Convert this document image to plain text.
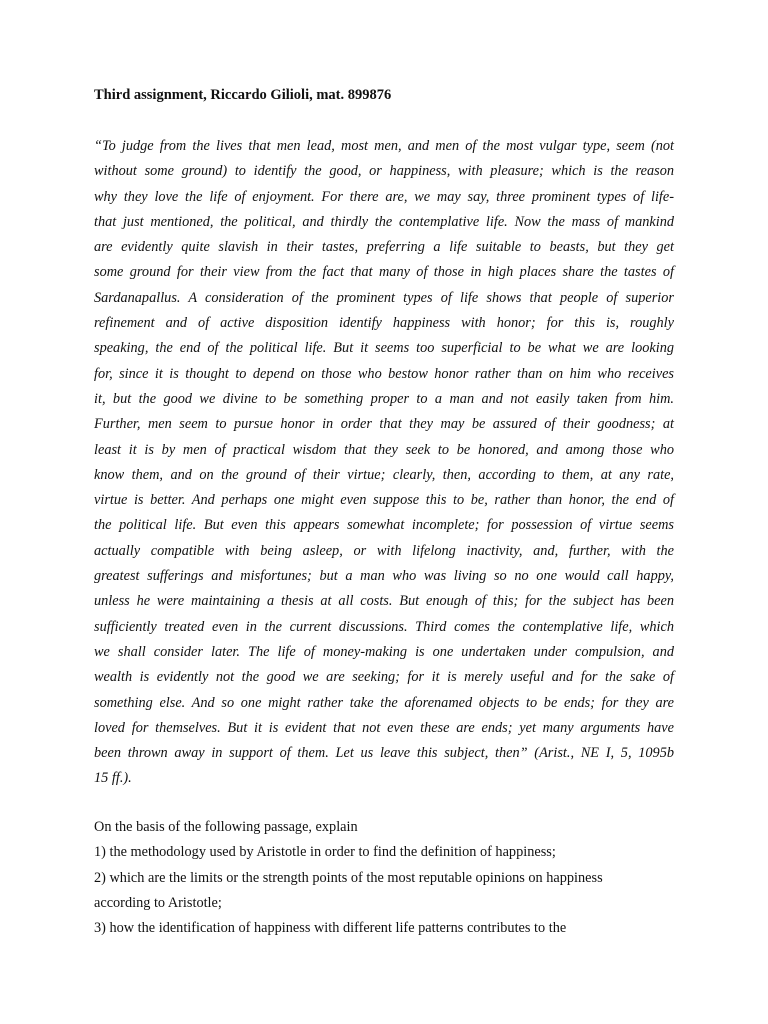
Third assignment, Riccardo Gilioli, mat. 899876
“To judge from the lives that men lead, most men, and men of the most vulgar type, seem (not
without some ground) to identify the good, or happiness, with pleasure; which is the reason
why they love the life of enjoyment. For there are, we may say, three prominent types of life-
that just mentioned, the political, and thirdly the contemplative life. Now the mass of mankind
are evidently quite slavish in their tastes, preferring a life suitable to beasts, but they get
some ground for their view from the fact that many of those in high places share the tastes of
Sardanapallus. A consideration of the prominent types of life shows that people of superior
refinement and of active disposition identify happiness with honor; for this is, roughly
speaking, the end of the political life. But it seems too superficial to be what we are looking
for, since it is thought to depend on those who bestow honor rather than on him who receives
it, but the good we divine to be something proper to a man and not easily taken from him.
Further, men seem to pursue honor in order that they may be assured of their goodness; at
least it is by men of practical wisdom that they seek to be honored, and among those who
know them, and on the ground of their virtue; clearly, then, according to them, at any rate,
virtue is better. And perhaps one might even suppose this to be, rather than honor, the end of
the political life. But even this appears somewhat incomplete; for possession of virtue seems
actually compatible with being asleep, or with lifelong inactivity, and, further, with the
greatest sufferings and misfortunes; but a man who was living so no one would call happy,
unless he were maintaining a thesis at all costs. But enough of this; for the subject has been
sufficiently treated even in the current discussions. Third comes the contemplative life, which
we shall consider later. The life of money-making is one undertaken under compulsion, and
wealth is evidently not the good we are seeking; for it is merely useful and for the sake of
something else. And so one might rather take the aforenamed objects to be ends; for they are
loved for themselves. But it is evident that not even these are ends; yet many arguments have
been thrown away in support of them. Let us leave this subject, then” (Arist., NE I, 5, 1095b
15 ff.).
On the basis of the following passage, explain
1) the methodology used by Aristotle in order to find the definition of happiness;
2) which are the limits or the strength points of the most reputable opinions on happiness
according to Aristotle;
3) how the identification of happiness with different life patterns contributes to the
